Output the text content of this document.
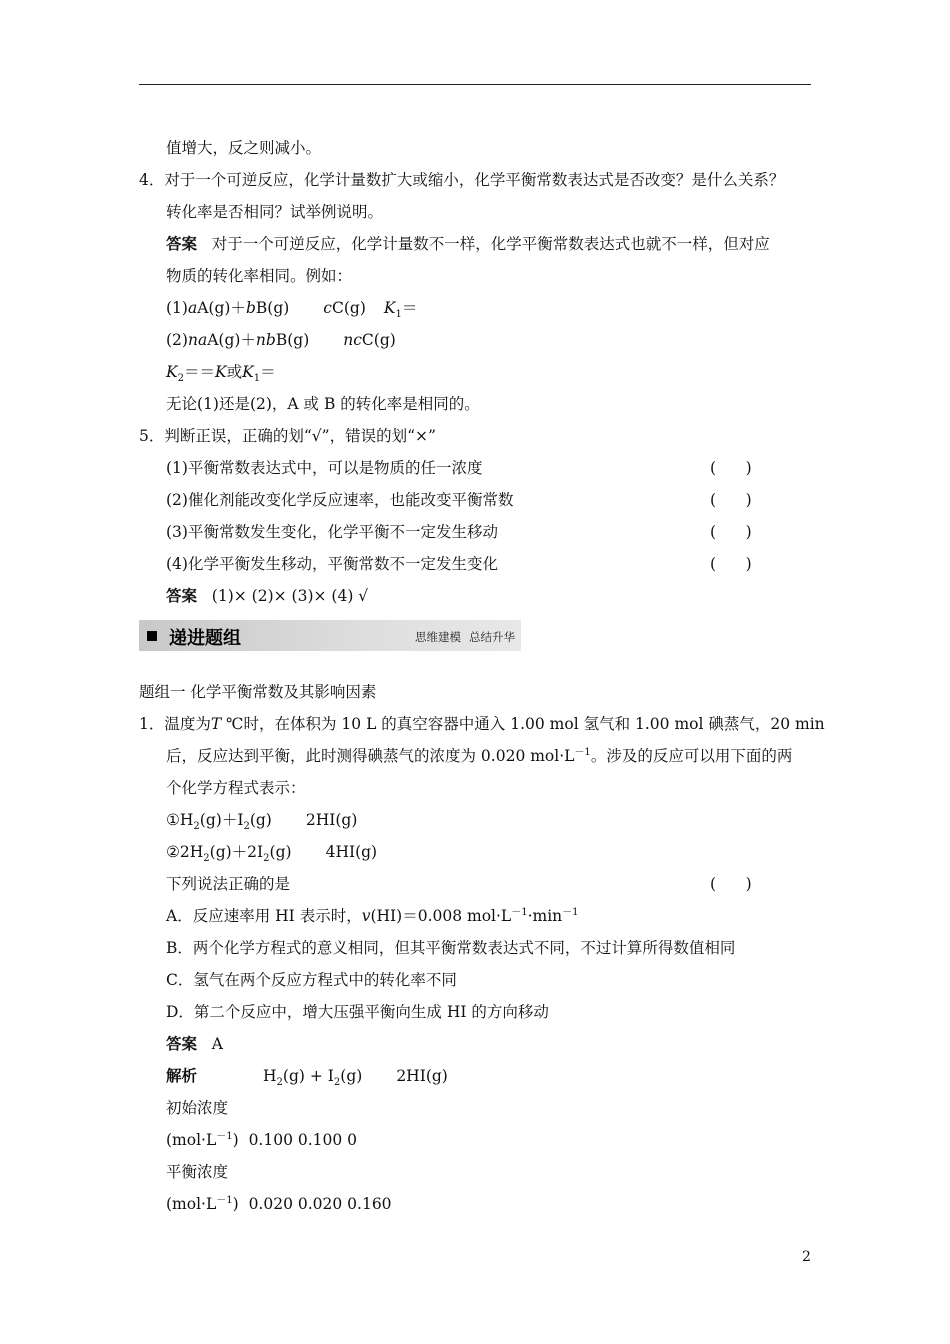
值增大，反之则减小。
4．对于一个可逆反应，化学计量数扩大或缩小，化学平衡常数表达式是否改变？是什么关系？
转化率是否相同？试举例说明。
答案 对于一个可逆反应，化学计量数不一样，化学平衡常数表达式也就不一样，但对应
物质的转化率相同。例如：
(1)aA(g)＋bB(g) cC(g) $K_1=$
(2)naA(g)＋nbB(g) ncC(g)
$K_2==K$或$K_1=$
无论(1)还是(2)，A 或 B 的转化率是相同的。
5．判断正误，正确的划“√”，错误的划“×”
(1)平衡常数表达式中，可以是物质的任一浓度	(      )
(2)催化剂能改变化学反应速率，也能改变平衡常数	(      )
(3)平衡常数发生变化，化学平衡不一定发生移动	(      )
(4)化学平衡发生移动，平衡常数不一定发生变化	(      )
答案 (1)× (2)× (3)× (4) √
递进题组	思维建模 总结升华
题组一 化学平衡常数及其影响因素
1．温度为T ℃时，在体积为 10 L 的真空容器中通入 1.00 mol 氢气和 1.00 mol 碘蒸气，20 min
后，反应达到平衡，此时测得碘蒸气的浓度为 0.020 $mol\cdot L^{-1}$。涉及的反应可以用下面的两
个化学方程式表示：
$①H_2(g)+I_2(g)$ 2HI(g)
$②2H_2(g)+2I_2(g)$ 4HI(g)
下列说法正确的是	(      )
A．反应速率用 HI 表示时，v(HI)＝0.008 $mol\cdot L^{-1}\cdot\min^{-1}$
B．两个化学方程式的意义相同，但其平衡常数表达式不同，不过计算所得数值相同
C．氢气在两个反应方程式中的转化率不同
D．第二个反应中，增大压强平衡向生成 HI 的方向移动
答案 A
解析	$H_2(g) + I_2(g)$ 2HI(g)
初始浓度
$(mol\cdot L^{-1})$ 0.100 0.100 0
平衡浓度
$(mol\cdot L^{-1})$ 0.020 0.020 0.160
2
